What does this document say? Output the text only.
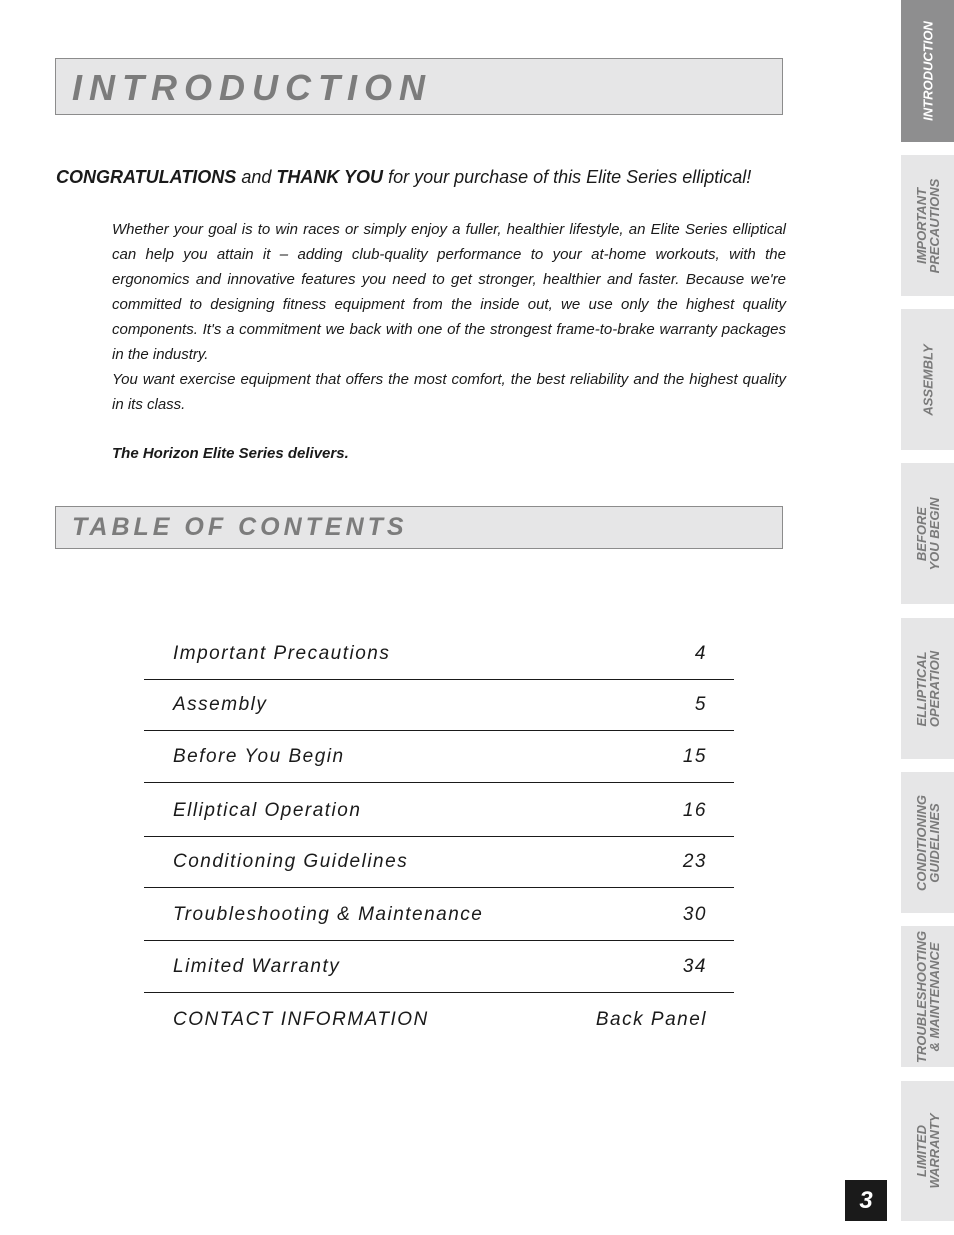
INTRODUCTION
CONGRATULATIONS and THANK YOU for your purchase of this Elite Series elliptical!
Whether your goal is to win races or simply enjoy a fuller, healthier lifestyle, an Elite Series elliptical can help you attain it – adding club-quality performance to your at-home workouts, with the ergonomics and innovative features you need to get stronger, healthier and faster. Because we're committed to designing fitness equipment from the inside out, we use only the highest quality components. It's a commitment we back with one of the strongest frame-to-brake warranty packages in the industry.
You want exercise equipment that offers the most comfort, the best reliability and the highest quality in its class.
The Horizon Elite Series delivers.
TABLE OF CONTENTS
Important Precautions	4
Assembly	5
Before You Begin	15
Elliptical Operation	16
Conditioning Guidelines	23
Troubleshooting & Maintenance	30
Limited Warranty	34
CONTACT INFORMATION	Back Panel
INTRODUCTION
IMPORTANT
PRECAUTIONS
ASSEMBLY
BEFORE
YOU BEGIN
ELLIPTICAL
OPERATION
CONDITIONING
GUIDELINES
TROUBLESHOOTING
& MAINTENANCE
LIMITED
WARRANTY
3
